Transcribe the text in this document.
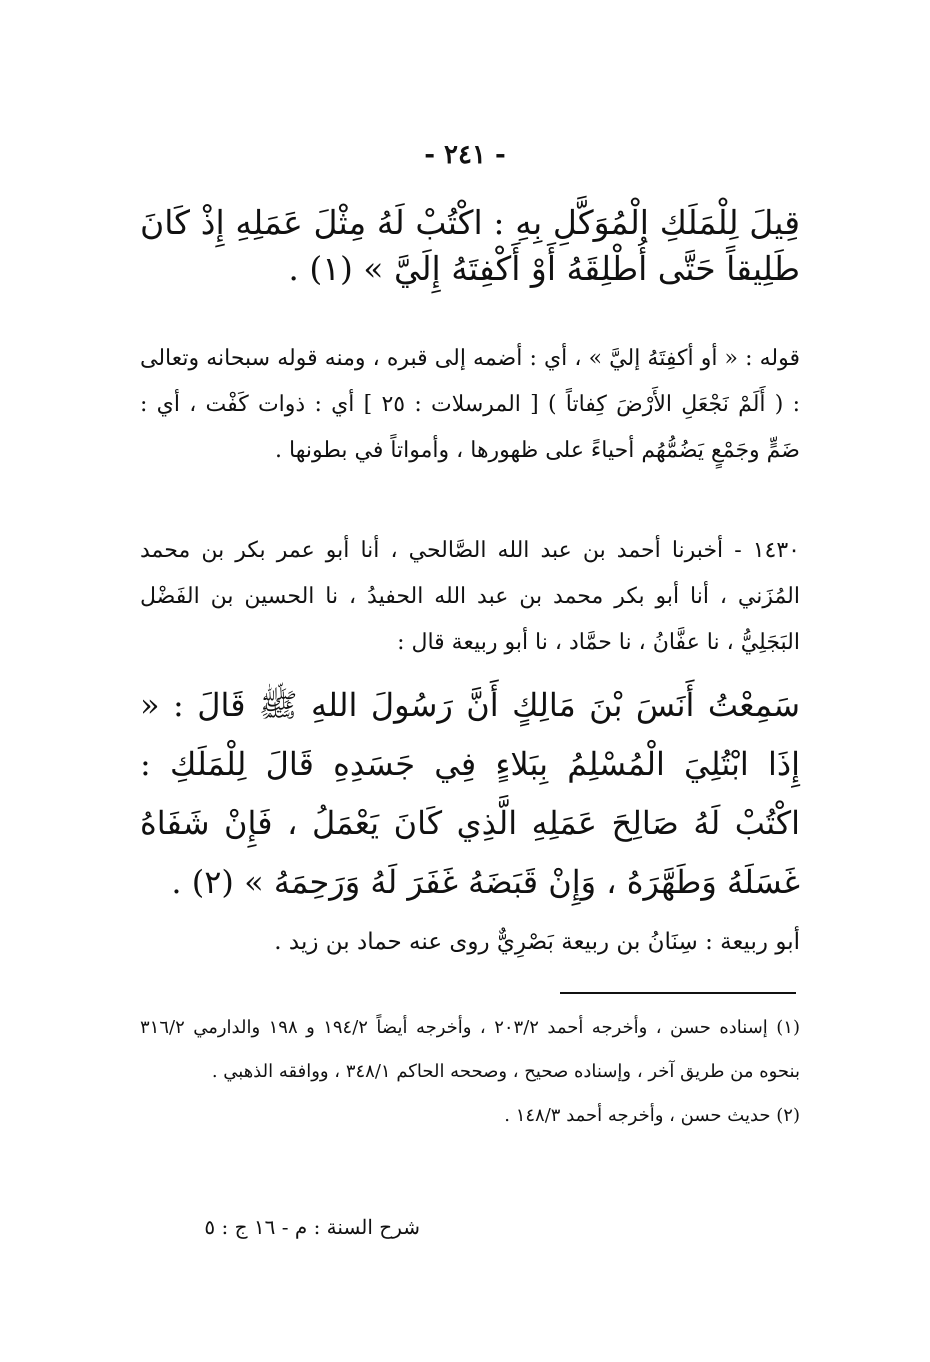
- ٢٤١ -

قِيلَ لِلْمَلَكِ الْمُوَكَّلِ بِهِ : اكْتُبْ لَهُ مِثْلَ عَمَلِهِ إِذْ كَانَ طَلِيقاً حَتَّى أُطْلِقَهُ أَوْ أَكْفِتَهُ إِلَيَّ » (١) .

قوله : « أو أكفِتَهُ إليَّ » ، أي : أضمه إلى قبره ، ومنه قوله سبحانه وتعالى : ( أَلَمْ نَجْعَلِ الأَرْضَ كِفاتاً ) [ المرسلات : ٢٥ ] أي : ذوات كَفْت ، أي : ضَمٍّ وجَمْعٍ يَضُمُّهُم أحياءً على ظهورها ، وأمواتاً في بطونها .

١٤٣٠ - أخبرنا أحمد بن عبد الله الصَّالحي ، أنا أبو عمر بكر بن محمد المُزَني ، أنا أبو بكر محمد بن عبد الله الحفيدُ ، نا الحسين بن الفَضْل البَجَلِيُّ ، نا عفَّانُ ، نا حمَّاد ، نا أبو ربيعة قال :

سَمِعْتُ أَنَسَ بْنَ مَالِكٍ أَنَّ رَسُولَ اللهِ ﷺ قَالَ : « إِذَا ابْتُلِيَ الْمُسْلِمُ بِبَلاءٍ فِي جَسَدِهِ قَالَ لِلْمَلَكِ : اكْتُبْ لَهُ صَالِحَ عَمَلِهِ الَّذِي كَانَ يَعْمَلُ ، فَإِنْ شَفَاهُ غَسَلَهُ وَطَهَّرَهُ ، وَإِنْ قَبَضَهُ غَفَرَ لَهُ وَرَحِمَهُ » (٢) .

أبو ربيعة : سِنَانُ بن ربيعة بَصْرِيٌّ روى عنه حماد بن زيد .

(١) إسناده حسن ، وأخرجه أحمد ٢٠٣/٢ ، وأخرجه أيضاً ١٩٤/٢ و ١٩٨ والدارمي ٣١٦/٢ بنحوه من طريق آخر ، وإسناده صحيح ، وصححه الحاكم ٣٤٨/١ ، ووافقه الذهبي .

(٢) حديث حسن ، وأخرجه أحمد ١٤٨/٣ .

شرح السنة : م - ١٦ ج : ٥
